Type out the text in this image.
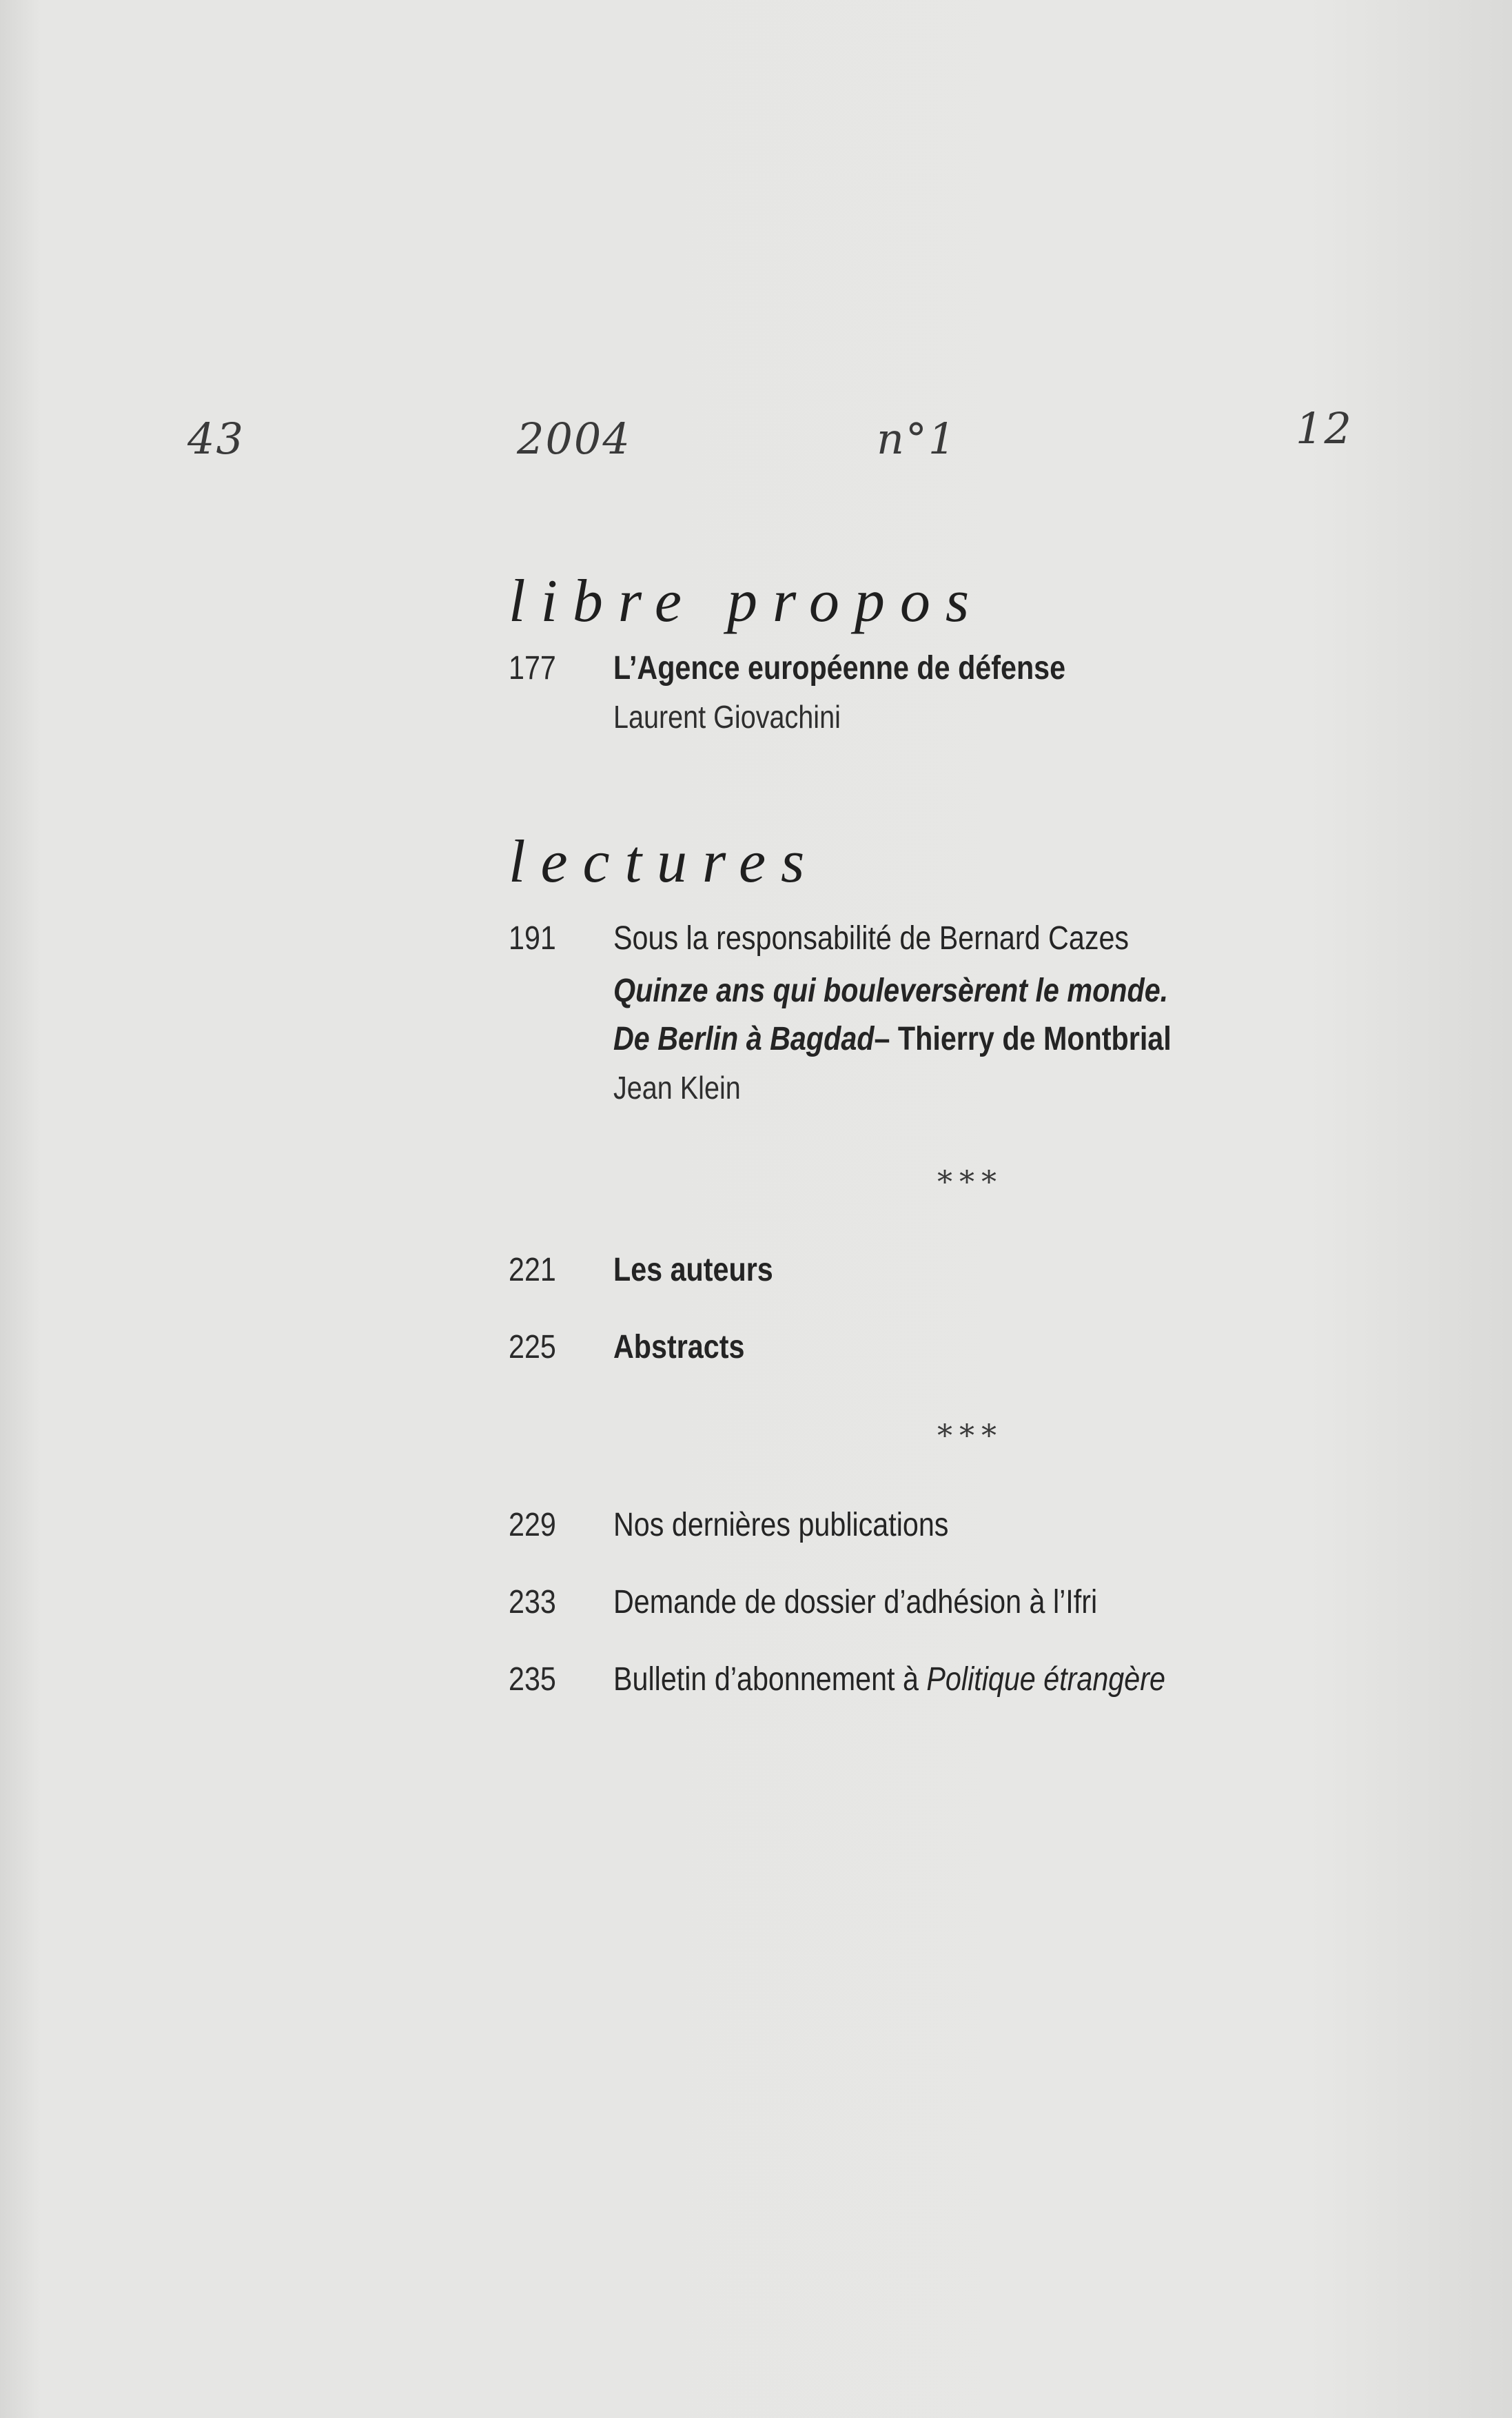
43	2004	n°1	12
libre propos
177	L’Agence européenne de défense
Laurent Giovachini
lectures
191	Sous la responsabilité de Bernard Cazes
Quinze ans qui bouleversèrent le monde.
De Berlin à Bagdad– Thierry de Montbrial
Jean Klein
***
221	Les auteurs
225	Abstracts
***
229	Nos dernières publications
233	Demande de dossier d’adhésion à l’Ifri
235	Bulletin d’abonnement à Politique étrangère
